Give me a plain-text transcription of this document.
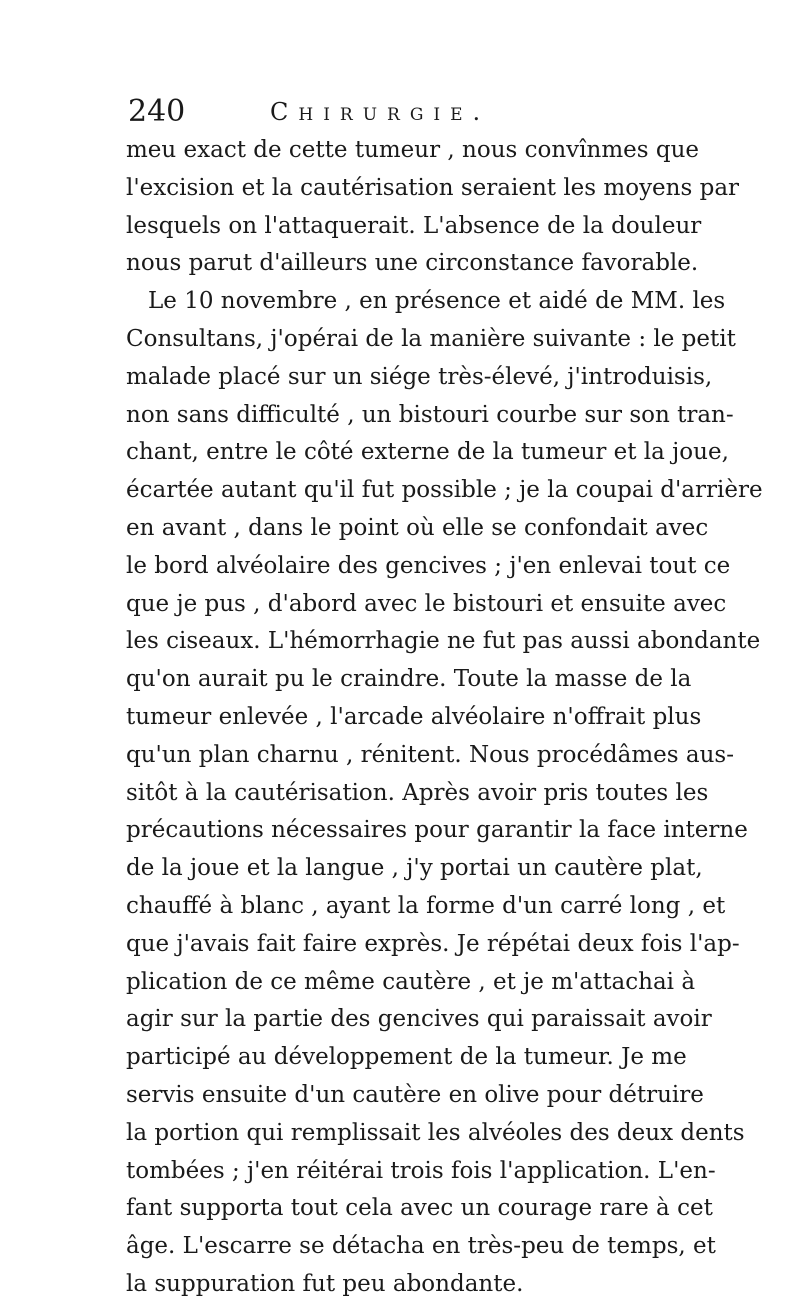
240	Chirurgie.
meu exact de cette tumeur , nous convînmes que
l'excision et la cautérisation seraient les moyens par
lesquels on l'attaquerait. L'absence de la douleur
nous parut d'ailleurs une circonstance favorable.
Le 10 novembre , en présence et aidé de MM. les
Consultans, j'opérai de la manière suivante : le petit
malade placé sur un siége très-élevé, j'introduisis,
non sans difficulté , un bistouri courbe sur son tran-
chant, entre le côté externe de la tumeur et la joue,
écartée autant qu'il fut possible ; je la coupai d'arrière
en avant , dans le point où elle se confondait avec
le bord alvéolaire des gencives ; j'en enlevai tout ce
que je pus , d'abord avec le bistouri et ensuite avec
les ciseaux. L'hémorrhagie ne fut pas aussi abondante
qu'on aurait pu le craindre. Toute la masse de la
tumeur enlevée , l'arcade alvéolaire n'offrait plus
qu'un plan charnu , rénitent. Nous procédâmes aus-
sitôt à la cautérisation. Après avoir pris toutes les
précautions nécessaires pour garantir la face interne
de la joue et la langue , j'y portai un cautère plat,
chauffé à blanc , ayant la forme d'un carré long , et
que j'avais fait faire exprès. Je répétai deux fois l'ap-
plication de ce même cautère , et je m'attachai à
agir sur la partie des gencives qui paraissait avoir
participé au développement de la tumeur. Je me
servis ensuite d'un cautère en olive pour détruire
la portion qui remplissait les alvéoles des deux dents
tombées ; j'en réitérai trois fois l'application. L'en-
fant supporta tout cela avec un courage rare à cet
âge. L'escarre se détacha en très-peu de temps, et
la suppuration fut peu abondante.
